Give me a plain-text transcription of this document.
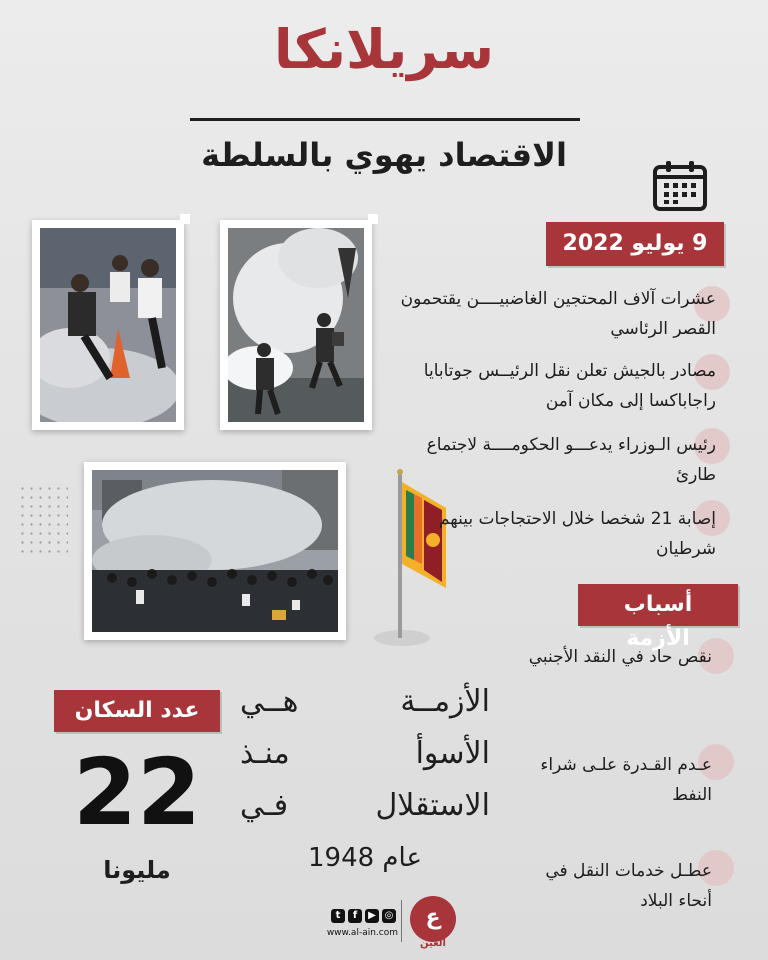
سريلانكا
الاقتصاد يهوي بالسلطة
9 يوليو 2022
عشرات آلاف المحتجين الغاضبيــــن يقتحمون القصر الرئاسي
مصادر بالجيش تعلن نقل الرئيــس جوتابايا راجاباكسا إلى مكان آمن
رئيس الـوزراء يدعـــو الحكومــــة لاجتماع طارئ
إصابة 21 شخصا خلال الاحتجاجات بينهم شرطيان
أسباب الأزمة
نقص حاد في النقد الأجنبي
عـدم القـدرة علـى شراء النفط
عطـل خدمات النقل في أنحاء البلاد
الأزمــة هــي
الأسوأ منـذ
الاستقلال فـي
عام 1948
عدد السكان
22
مليونا
t	f	▶ ◎
www.al-ain.com
ع
العين
